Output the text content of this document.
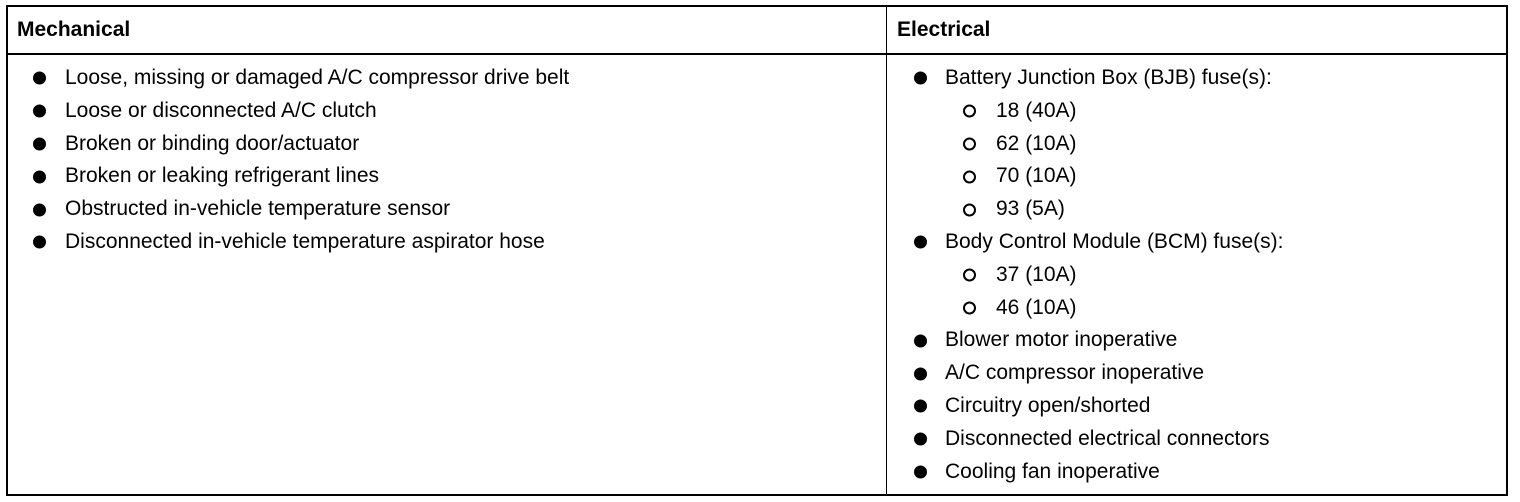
Mechanical	Electrical
Loose, missing or damaged A/C compressor drive belt
Loose or disconnected A/C clutch
Broken or binding door/actuator
Broken or leaking refrigerant lines
Obstructed in-vehicle temperature sensor
Disconnected in-vehicle temperature aspirator hose
Battery Junction Box (BJB) fuse(s):
18 (40A)
62 (10A)
70 (10A)
93 (5A)
Body Control Module (BCM) fuse(s):
37 (10A)
46 (10A)
Blower motor inoperative
A/C compressor inoperative
Circuitry open/shorted
Disconnected electrical connectors
Cooling fan inoperative
